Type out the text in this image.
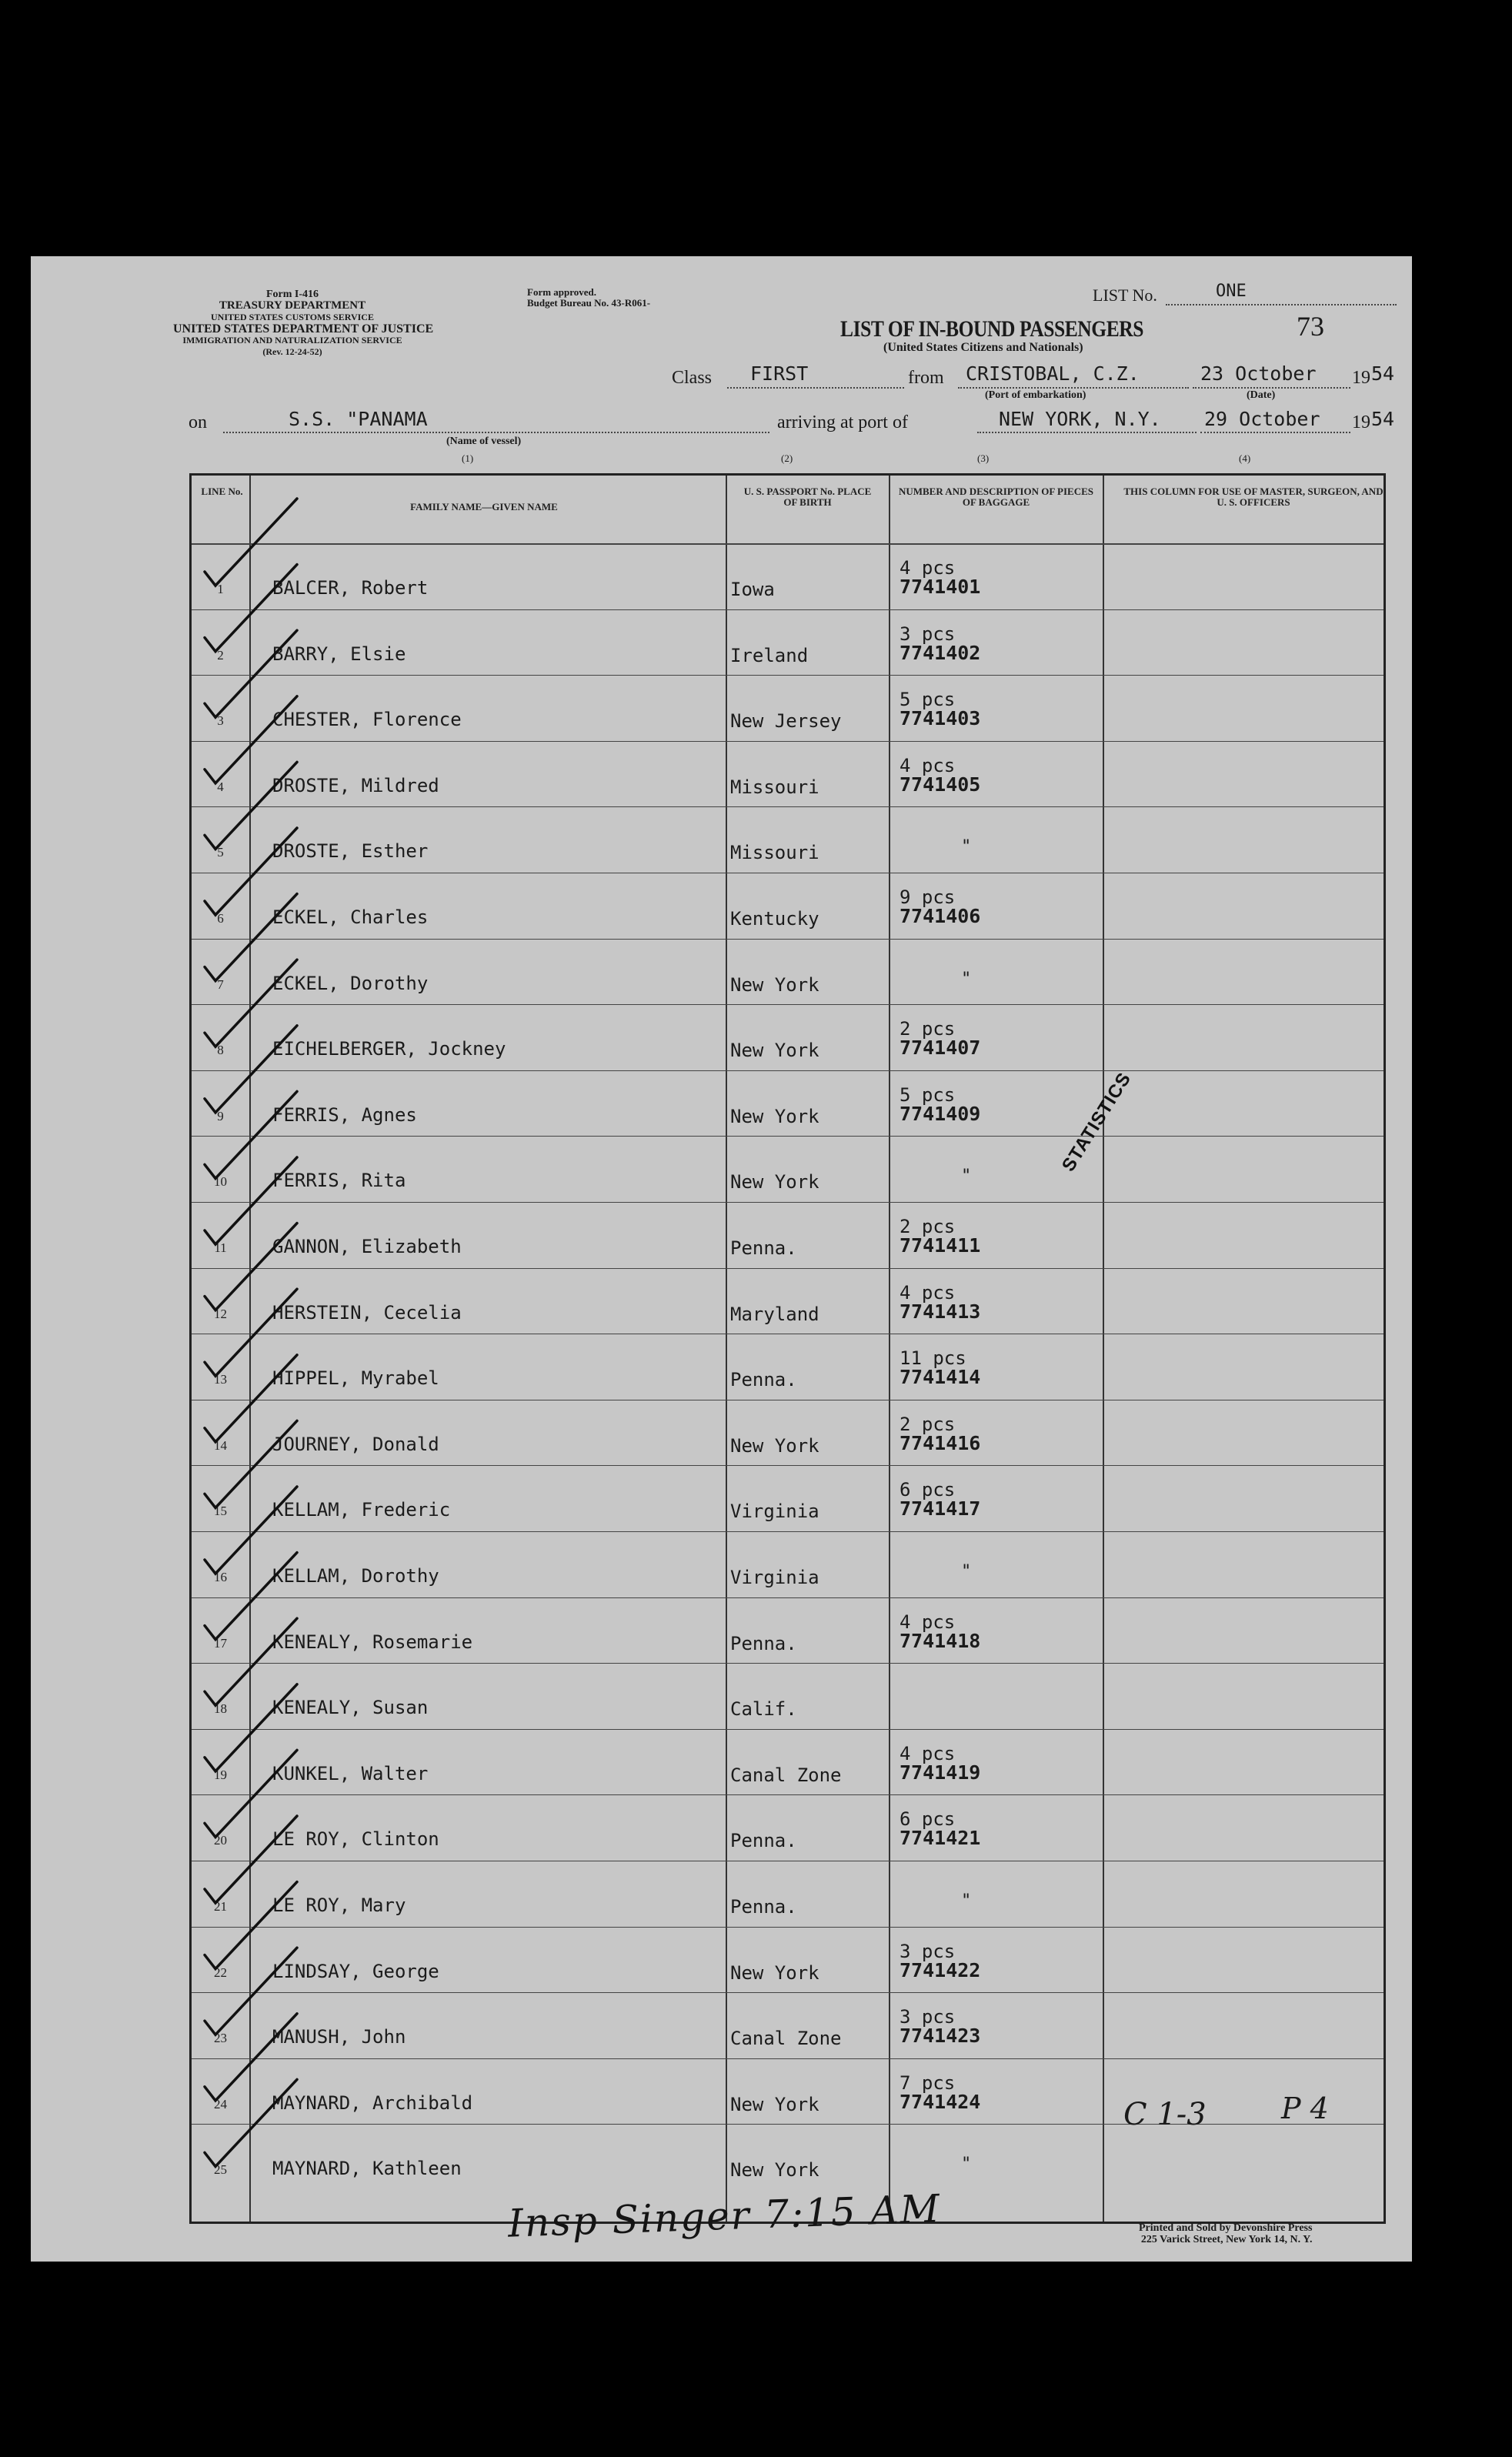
Form I-416
TREASURY DEPARTMENT
UNITED STATES CUSTOMS SERVICE
UNITED STATES DEPARTMENT OF JUSTICE
IMMIGRATION AND NATURALIZATION SERVICE
(Rev. 12-24-52)
Form approved.
Budget Bureau No. 43-R061-	LIST No.	ONE
LIST OF IN-BOUND PASSENGERS
(United States Citizens and Nationals)
73
Class FIRST	from CRISTOBAL, C.Z.
(Port of embarkation)
23 October
(Date)
19 54
on	S.S. "PANAMA
(Name of vessel)
arriving at port of	NEW YORK, N.Y. 29 October 19 54
(1)	(2)	(3)	(4)
LINE No.
FAMILY NAME—GIVEN NAME
U. S. PASSPORT No. PLACE OF BIRTH
NUMBER AND DESCRIPTION OF PIECES OF BAGGAGE
THIS COLUMN FOR USE OF MASTER, SURGEON, AND U. S. OFFICERS
1	BALCER, Robert	Iowa
4 pcs
7741401
2	BARRY, Elsie	Ireland
3 pcs
7741402
3	CHESTER, Florence	New Jersey
5 pcs
7741403
4	DROSTE, Mildred	Missouri
4 pcs
7741405
5	DROSTE, Esther	Missouri	"
6	ECKEL, Charles	Kentucky
9 pcs
7741406
7	ECKEL, Dorothy	New York	"
8	EICHELBERGER, Jockney	New York
2 pcs
7741407
9	FERRIS, Agnes	New York
5 pcs
7741409
10	FERRIS, Rita	New York	"
11	GANNON, Elizabeth	Penna.
2 pcs
7741411
12	HERSTEIN, Cecelia	Maryland
4 pcs
7741413
13	HIPPEL, Myrabel	Penna.
11 pcs
7741414
14	JOURNEY, Donald	New York
2 pcs
7741416
15	KELLAM, Frederic	Virginia
6 pcs
7741417
16	KELLAM, Dorothy	Virginia	"
17	KENEALY, Rosemarie	Penna.
4 pcs
7741418
18	KENEALY, Susan	Calif.
19	KUNKEL, Walter	Canal Zone
4 pcs
7741419
20	LE ROY, Clinton	Penna.
6 pcs
7741421
21	LE ROY, Mary	Penna.	"
22	LINDSAY, George	New York
3 pcs
7741422
23	MANUSH, John	Canal Zone
3 pcs
7741423
24	MAYNARD, Archibald	New York
7 pcs
7741424
25	MAYNARD, Kathleen	New York	"
STATISTICS
C 1-3	P 4
Insp Singer 7:15 AM	Printed and Sold by Devonshire Press
225 Varick Street, New York 14, N. Y.
